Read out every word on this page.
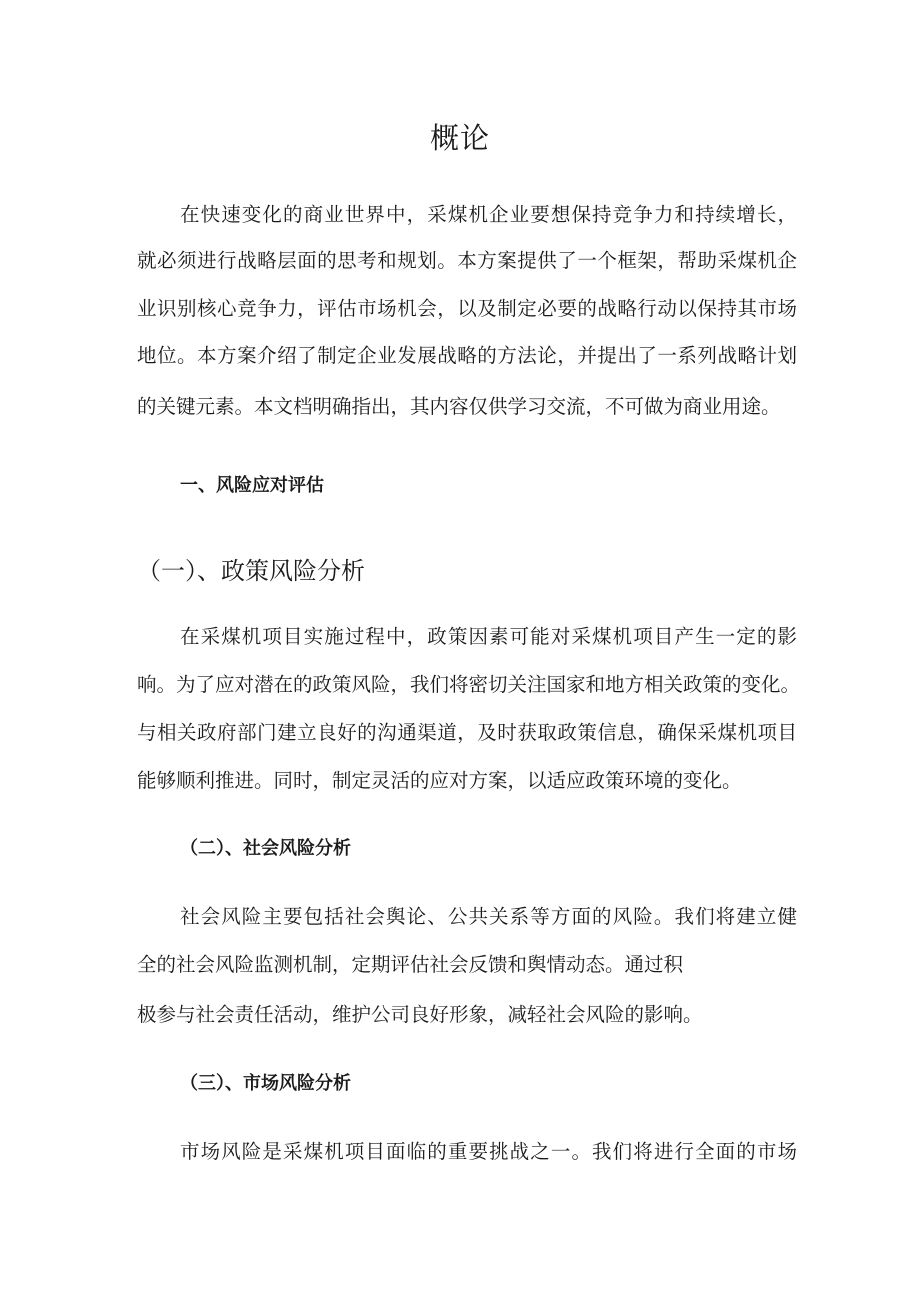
概论
在快速变化的商业世界中，采煤机企业要想保持竞争力和持续增长，
就必须进行战略层面的思考和规划。本方案提供了一个框架，帮助采煤机企
业识别核心竞争力，评估市场机会，以及制定必要的战略行动以保持其市场
地位。本方案介绍了制定企业发展战略的方法论，并提出了一系列战略计划
的关键元素。本文档明确指出，其内容仅供学习交流，不可做为商业用途。
一、风险应对评估
（一）、政策风险分析
在采煤机项目实施过程中，政策因素可能对采煤机项目产生一定的影
响。为了应对潜在的政策风险，我们将密切关注国家和地方相关政策的变化。
与相关政府部门建立良好的沟通渠道，及时获取政策信息，确保采煤机项目
能够顺利推进。同时，制定灵活的应对方案，以适应政策环境的变化。
（二）、社会风险分析
社会风险主要包括社会舆论、公共关系等方面的风险。我们将建立健
全的社会风险监测机制，定期评估社会反馈和舆情动态。通过积
极参与社会责任活动，维护公司良好形象，减轻社会风险的影响。
（三）、市场风险分析
市场风险是采煤机项目面临的重要挑战之一。我们将进行全面的市场
